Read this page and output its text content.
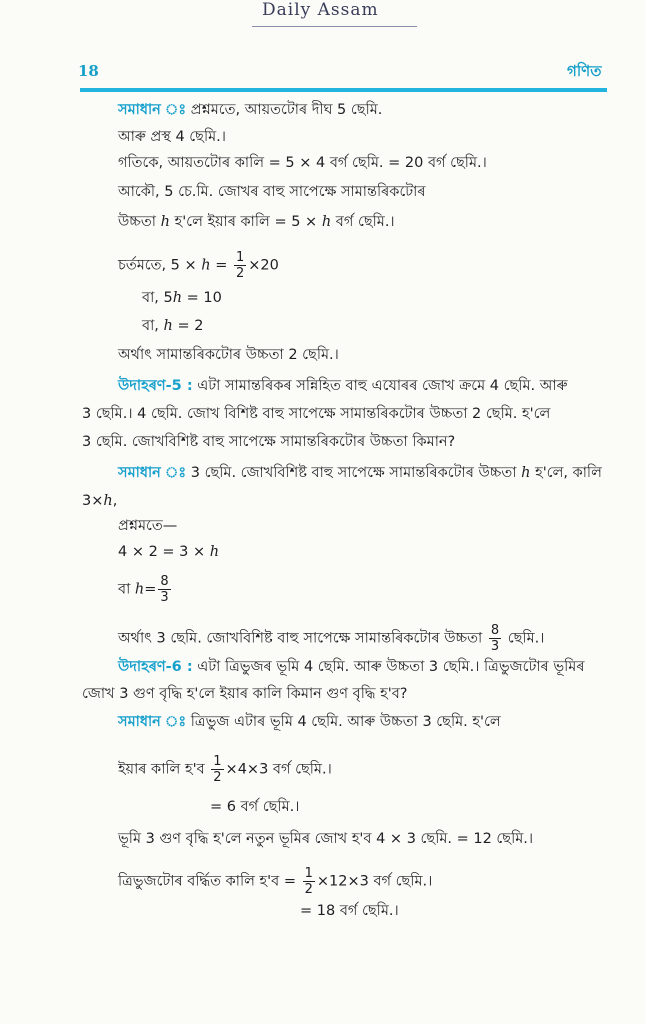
Daily Assam
18	গণিত
সমাধান ঃ প্ৰশ্নমতে, আয়তটোৰ দীঘ 5 ছেমি.
আৰু প্ৰস্থ 4 ছেমি.।
গতিকে, আয়তটোৰ কালি = 5 × 4 বৰ্গ ছেমি. = 20 বৰ্গ ছেমি.।
আকৌ, 5 চে.মি. জোখৰ বাহু সাপেক্ষে সামান্তৰিকটোৰ
উচ্চতা h হ'লে ইয়াৰ কালি = 5 × h বৰ্গ ছেমি.।
চৰ্তমতে, $5 \times h = \frac{1}{2} \times 20$
বা, 5h = 10
বা, h = 2
অৰ্থাৎ সামান্তৰিকটোৰ উচ্চতা 2 ছেমি.।
উদাহৰণ-5 : এটা সামান্তৰিকৰ সন্নিহিত বাহু এযোৰৰ জোখ ক্ৰমে 4 ছেমি. আৰু
3 ছেমি.। 4 ছেমি. জোখ বিশিষ্ট বাহু সাপেক্ষে সামান্তৰিকটোৰ উচ্চতা 2 ছেমি. হ'লে
3 ছেমি. জোখবিশিষ্ট বাহু সাপেক্ষে সামান্তৰিকটোৰ উচ্চতা কিমান?
সমাধান ঃ 3 ছেমি. জোখবিশিষ্ট বাহু সাপেক্ষে সামান্তৰিকটোৰ উচ্চতা h হ'লে, কালি
3×h,
প্ৰশ্নমতে—
4 × 2 = 3 × h
বা $h= \frac{8}{3}$
অৰ্থাৎ 3 ছেমি. জোখবিশিষ্ট বাহু সাপেক্ষে সামান্তৰিকটোৰ উচ্চতা $\frac{8}{3}$ ছেমি.।
উদাহৰণ-6 : এটা ত্ৰিভুজৰ ভূমি 4 ছেমি. আৰু উচ্চতা 3 ছেমি.। ত্ৰিভুজটোৰ ভূমিৰ
জোখ 3 গুণ বৃদ্ধি হ'লে ইয়াৰ কালি কিমান গুণ বৃদ্ধি হ'ব?
সমাধান ঃ ত্ৰিভুজ এটাৰ ভূমি 4 ছেমি. আৰু উচ্চতা 3 ছেমি. হ'লে
ইয়াৰ কালি হ'ব $\frac{1}{2} \times 4\times 3$ বৰ্গ ছেমি.।
= 6 বৰ্গ ছেমি.।
ভূমি 3 গুণ বৃদ্ধি হ'লে নতুন ভূমিৰ জোখ হ'ব 4 × 3 ছেমি. = 12 ছেমি.।
ত্ৰিভুজটোৰ বৰ্দ্ধিত কালি হ'ব = $\frac{1}{2} \times 12\times 3$ বৰ্গ ছেমি.।
= 18 বৰ্গ ছেমি.।
